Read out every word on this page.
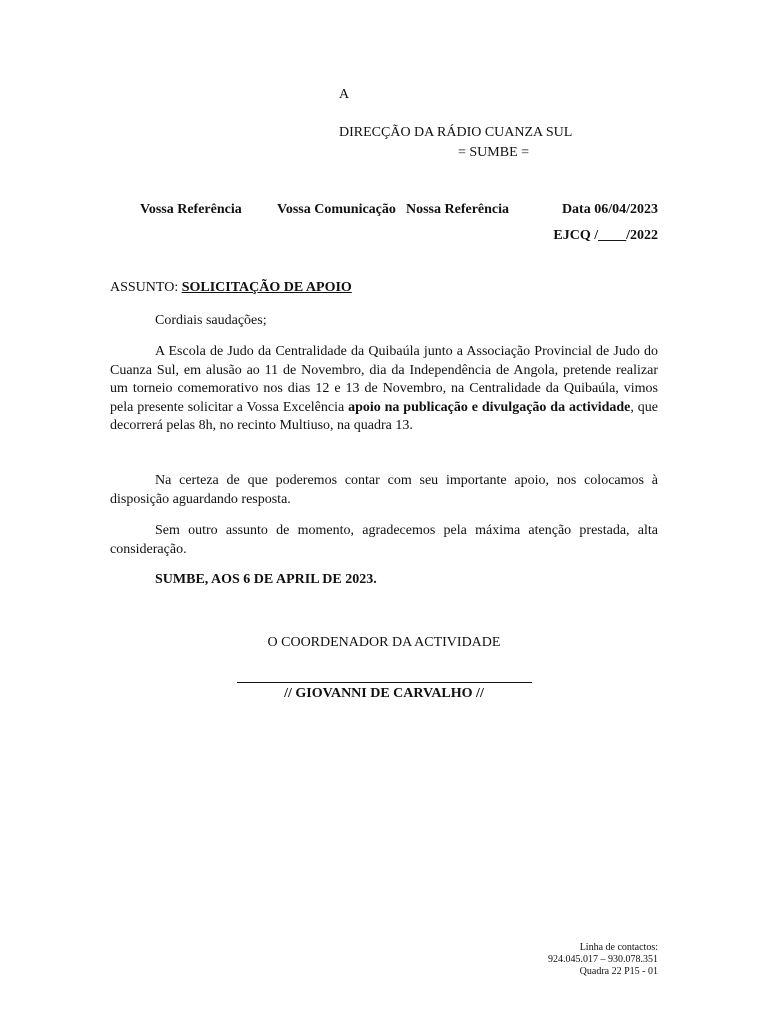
A
DIRECÇÃO DA RÁDIO CUANZA SUL
= SUMBE =
Vossa Referência	Vossa Comunicação Nossa Referência	Data 06/04/2023
EJCQ /____/2022
ASSUNTO: SOLICITAÇÃO DE APOIO
Cordiais saudações;

A Escola de Judo da Centralidade da Quibaúla junto a Associação Provincial de Judo do Cuanza Sul, em alusão ao 11 de Novembro, dia da Independência de Angola, pretende realizar um torneio comemorativo nos dias 12 e 13 de Novembro, na Centralidade da Quibaúla, vimos pela presente solicitar a Vossa Excelência apoio na publicação e divulgação da actividade, que decorrerá pelas 8h, no recinto Multiuso, na quadra 13.

Na certeza de que poderemos contar com seu importante apoio, nos colocamos à disposição aguardando resposta.

Sem outro assunto de momento, agradecemos pela máxima atenção prestada, alta consideração.

SUMBE, AOS 6 DE APRIL DE 2023.
O COORDENADOR DA ACTIVIDADE
// GIOVANNI DE CARVALHO //
Linha de contactos:
924.045.017 – 930.078.351
Quadra 22 P15 - 01
